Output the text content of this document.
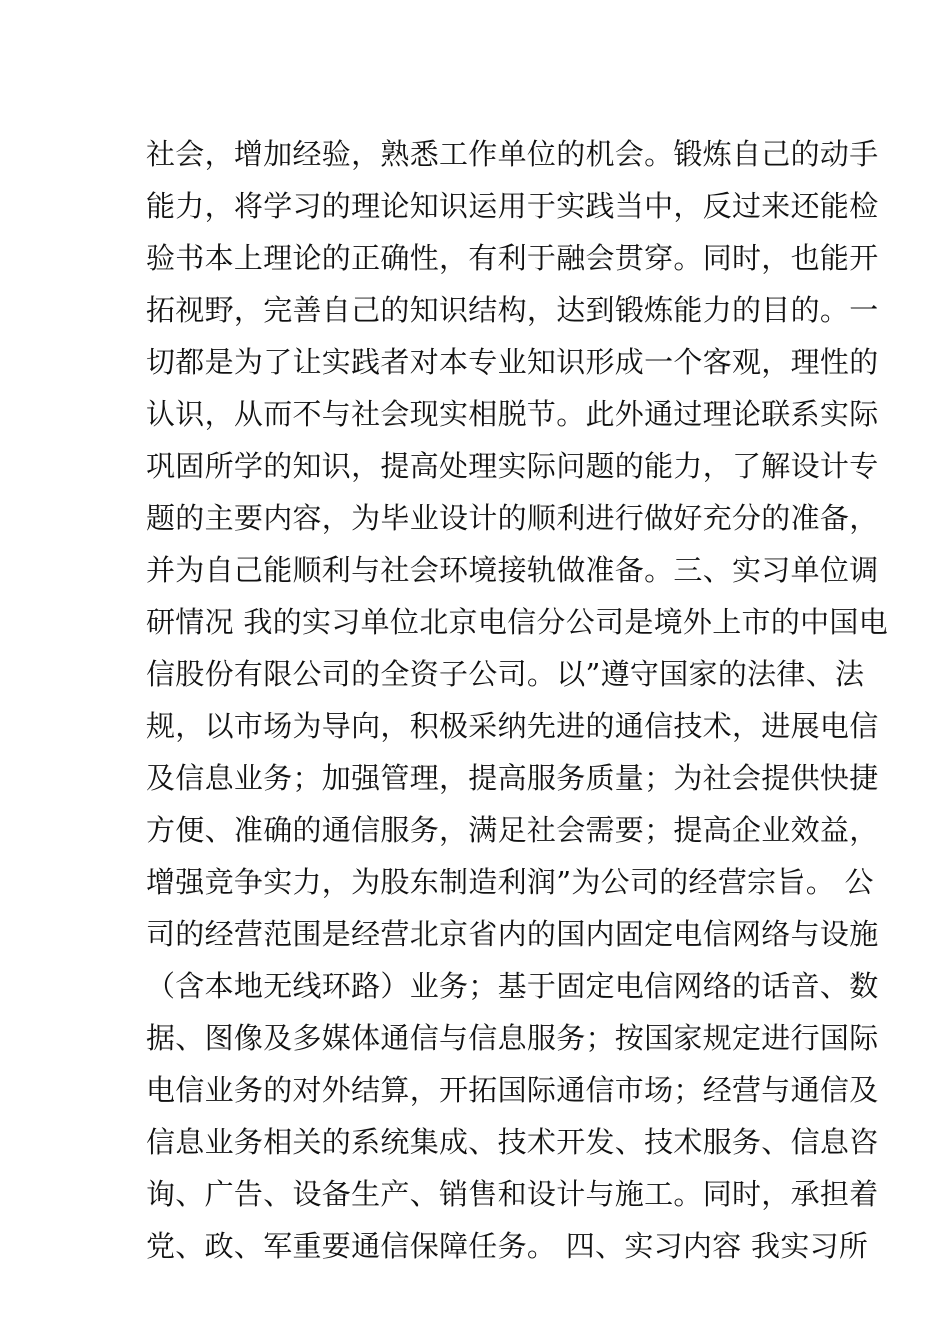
社会，增加经验，熟悉工作单位的机会。锻炼自己的动手
能力，将学习的理论知识运用于实践当中，反过来还能检
验书本上理论的正确性，有利于融会贯穿。同时，也能开
拓视野，完善自己的知识结构，达到锻炼能力的目的。一
切都是为了让实践者对本专业知识形成一个客观，理性的
认识，从而不与社会现实相脱节。此外通过理论联系实际
巩固所学的知识，提高处理实际问题的能力，了解设计专
题的主要内容，为毕业设计的顺利进行做好充分的准备，
并为自己能顺利与社会环境接轨做准备。三、实习单位调
研情况 我的实习单位北京电信分公司是境外上市的中国电
信股份有限公司的全资子公司。以”遵守国家的法律、法
规，以市场为导向，积极采纳先进的通信技术，进展电信
及信息业务；加强管理，提高服务质量；为社会提供快捷
方便、准确的通信服务，满足社会需要；提高企业效益，
增强竞争实力，为股东制造利润”为公司的经营宗旨。 公
司的经营范围是经营北京省内的国内固定电信网络与设施
（含本地无线环路）业务；基于固定电信网络的话音、数
据、图像及多媒体通信与信息服务；按国家规定进行国际
电信业务的对外结算，开拓国际通信市场；经营与通信及
信息业务相关的系统集成、技术开发、技术服务、信息咨
询、广告、设备生产、销售和设计与施工。同时，承担着
党、政、军重要通信保障任务。 四、实习内容 我实习所
